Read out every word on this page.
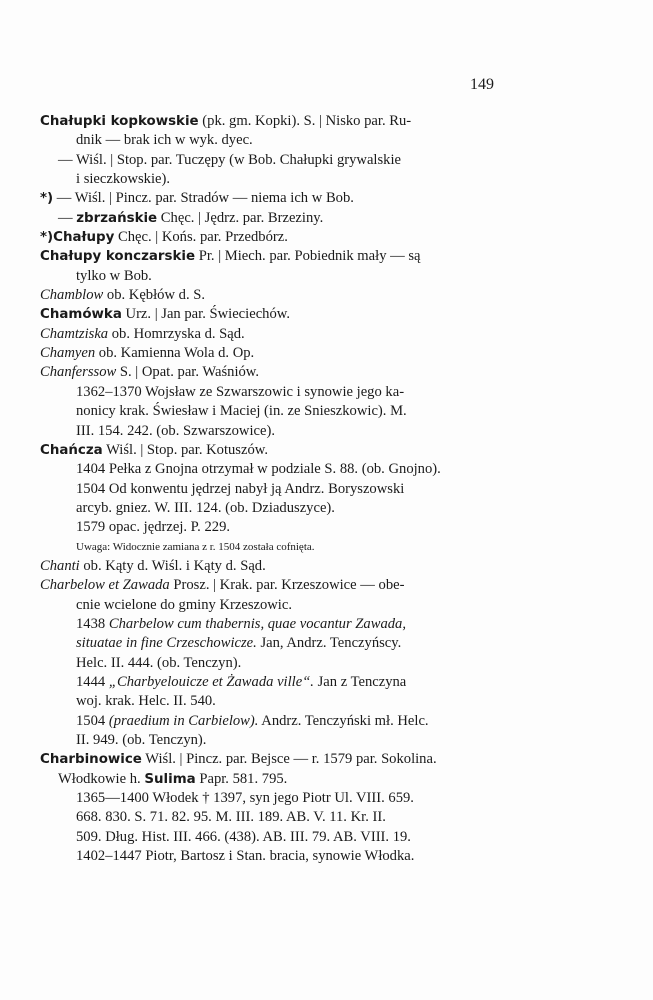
149
Chałupki kopkowskie (pk. gm. Kopki). S. | Nisko par. Ru-
dnik — brak ich w wyk. dyec.
— Wiśl. | Stop. par. Tuczępy (w Bob. Chałupki grywalskie
i sieczkowskie).
*) — Wiśl. | Pincz. par. Stradów — niema ich w Bob.
— zbrzańskie Chęc. | Jędrz. par. Brzeziny.
*)Chałupy Chęc. | Końs. par. Przedbórz.
Chałupy konczarskie Pr. | Miech. par. Pobiednik mały — są
tylko w Bob.
Chamblow ob. Kębłów d. S.
Chamówka Urz. | Jan par. Świeciechów.
Chamtziska ob. Homrzyska d. Sąd.
Chamyen ob. Kamienna Wola d. Op.
Chanferssow S. | Opat. par. Waśniów.
1362–1370 Wojsław ze Szwarszowic i synowie jego ka-
nonicy krak. Świesław i Maciej (in. ze Snieszkowic). M.
III. 154. 242. (ob. Szwarszowice).
Chańcza Wiśl. | Stop. par. Kotuszów.
1404 Pełka z Gnojna otrzymał w podziale S. 88. (ob. Gnojno).
1504 Od konwentu jędrzej nabył ją Andrz. Boryszowski
arcyb. gniez. W. III. 124. (ob. Dziaduszyce).
1579 opac. jędrzej. P. 229.
Uwaga: Widocznie zamiana z r. 1504 została cofnięta.
Chanti ob. Kąty d. Wiśl. i Kąty d. Sąd.
Charbelow et Zawada Prosz. | Krak. par. Krzeszowice — obe-
cnie wcielone do gminy Krzeszowic.
1438 Charbelow cum thabernis, quae vocantur Zawada,
situatae in fine Crzeschowicze. Jan, Andrz. Tenczyńscy.
Helc. II. 444. (ob. Tenczyn).
1444 „Charbyelouicze et Żawada ville“. Jan z Tenczyna
woj. krak. Helc. II. 540.
1504 (praedium in Carbielow). Andrz. Tenczyński mł. Helc.
II. 949. (ob. Tenczyn).
Charbinowice Wiśl. | Pincz. par. Bejsce — r. 1579 par. Sokolina.
Włodkowie h. Sulima Papr. 581. 795.
1365—1400 Włodek † 1397, syn jego Piotr Ul. VIII. 659.
668. 830. S. 71. 82. 95. M. III. 189. AB. V. 11. Kr. II.
509. Dług. Hist. III. 466. (438). AB. III. 79. AB. VIII. 19.
1402–1447 Piotr, Bartosz i Stan. bracia, synowie Włodka.
